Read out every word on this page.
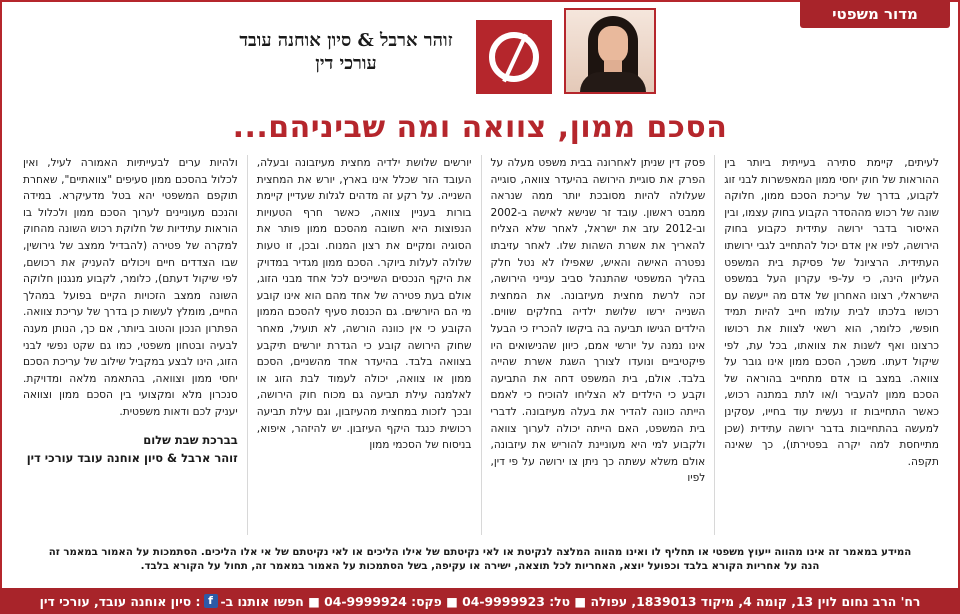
מדור משפטי
זוהר ארבל & סיון אוחנה עובד
עורכי דין
הסכם ממון, צוואה ומה שביניהם...

לעיתים, קיימת סתירה בעייתית ביותר בין ההוראות של חוק יחסי ממון המאפשרות לבני זוג לקבוע, בדרך של עריכת הסכם ממון, חלוקה שונה של רכוש מההסדר הקבוע בחוק עצמו, ובין האיסור בדבר ירושה עתידית כקבוע בחוק הירושה, לפיו אין אדם יכול להתחייב לגבי ירושתו העתידית. הרציונל של פסיקת בית המשפט העליון הינה, כי על-פי עקרון העל במשפט הישראלי, רצונו האחרון של אדם מה ייעשה עם רכושו בלכתו לבית עולמו חייב להיות תמיד חופשי, כלומר, הוא רשאי לצוות את רכושו כרצונו ואף לשנות את צוואתו, בכל עת, לפי שיקול דעתו. משכך, הסכם ממון אינו גובר על צוואה. במצב בו אדם מתחייב בהוראה של הסכם ממון להעביר ו/או לתת במתנה רכוש, כאשר התחייבות זו נעשית עוד בחייו, עסקינן למעשה בהתחייבות בדבר ירושה עתידית (שכן מתייחסת למה יקרה בפטירתו), כך שאינה תקפה.

פסק דין שניתן לאחרונה בבית משפט מעלה על הפרק את סוגיית הירושה בהיעדר צוואה, סוגייה שעלולה להיות מסובכת יותר ממה שנראה ממבט ראשון. עובד זר שנישא לאישה ב-2002 וב-2012 עזב את ישראל, לאחר שלא הצליח להאריך את אשרת השהות שלו. לאחר עזיבתו נפטרה האישה והאיש, שאפילו לא נטל חלק בהליך המשפטי שהתנהל סביב ענייני הירושה, זכה לרשת מחצית מעיזבונה. את המחצית השנייה ירשו שלושת ילדיה בחלקים שווים. הילדים הגישו תביעה בה ביקשו להכריז כי הבעל אינו נמנה על יורשי אמם, כיוון שהנישואים היו פיקטיביים ונועדו לצורך השגת אשרת שהייה בלבד. אולם, בית המשפט דחה את התביעה וקבע כי הילדים לא הצליחו להוכיח כי לאמם הייתה כוונה להדיר את בעלה מעיזבונה. לדברי בית המשפט, האם הייתה יכולה לערוך צוואה ולקבוע למי היא מעוניינת להוריש את עיזבונה, אולם משלא עשתה כך ניתן צו ירושה על פי דין, לפיו

יורשים שלושת ילדיה מחצית מעיזבונה ובעלה, העובד הזר שכלל אינו בארץ, יורש את המחצית השנייה. על רקע זה מדהים לגלות שעדיין קיימת בורות בעניין צוואה, כאשר חרף הטעויות הנפוצות היא חשובה מהסכם ממון פותר את הסוגיה ומקיים את רצון המנוח. ובכן, זו טעות שלולה לעלות ביוקר. הסכם ממון מגדיר במדויק את היקף הנכסים השייכים לכל אחד מבני הזוג, אולם בעת פטירה של אחד מהם הוא אינו קובע מי הם היורשים. גם הכנסת סעיף להסכם הממון הקובע כי אין כוונה הורשה, לא תועיל, מאחר שחוק הירושה קובע כי הגדרת יורשים תיקבע בצוואה בלבד. בהיעדר אחד מהשניים, הסכם ממון או צוואה, יכולה לעמוד לבת הזוג או לאלמנה עילת תביעה גם מכוח חוק הירושה, ובכך לזכות במחצית מהעיזבון, וגם עילת תביעה רכושית כנגד היקף העיזבון. יש להיזהר, איפוא, בניסוח של הסכמי ממון

ולהיות ערים לבעייתיות האמורה לעיל, ואין לכלול בהסכם ממון סעיפים "צוואתיים", שאחרת תוקפם המשפטי יהא בטל מדעיקרא. במידה והנכם מעוניינים לערוך הסכם ממון ולכלול בו הוראות עתידיות של חלוקת רכוש השונה מהחוק למקרה של פטירה (להבדיל ממצב של גירושין, שבו הצדדים חיים ויכולים להעניק את רכושם, לפי שיקול דעתם), כלומר, לקבוע מנגנון חלוקה השונה ממצב הזכויות הקיים בפועל במהלך החיים, מומלץ לעשות כן בדרך של עריכת צוואה. הפתרון הנכון והטוב ביותר, אם כך, הנותן מענה לבעיה ובטחון משפטי, כמו גם שקט נפשי לבני הזוג, הינו לבצע במקביל שילוב של עריכת הסכם יחסי ממון וצוואה, בהתאמה מלאה ומדויקת. סנכרון מלא ומקצועי בין הסכם ממון וצוואה יעניק לכם ודאות משפטית.

בברכת שבת שלום
זוהר ארבל & סיון אוחנה עובד עורכי דין
המידע במאמר זה אינו מהווה ייעוץ משפטי או תחליף לו ואינו מהווה המלצה לנקיטת או לאי נקיטתם של אילו הליכים או לאי נקיטתם של אי אלו הליכים. הסתמכות על האמור במאמר זה
הנה על אחריות הקורא בלבד וכפועל יוצא, האחריות לכל תוצאה, ישירה או עקיפה, בשל הסתמכות על האמור במאמר זה, תחול על הקורא בלבד.
רח' הרב נחום לוין 13, קומה 4, מיקוד 1839013, עפולה
■
טל: 04-9999923
■
פקס: 04-9999924
■
חפשו אותנו ב-
f
: סיון אוחנה עובד, עורכי דין
